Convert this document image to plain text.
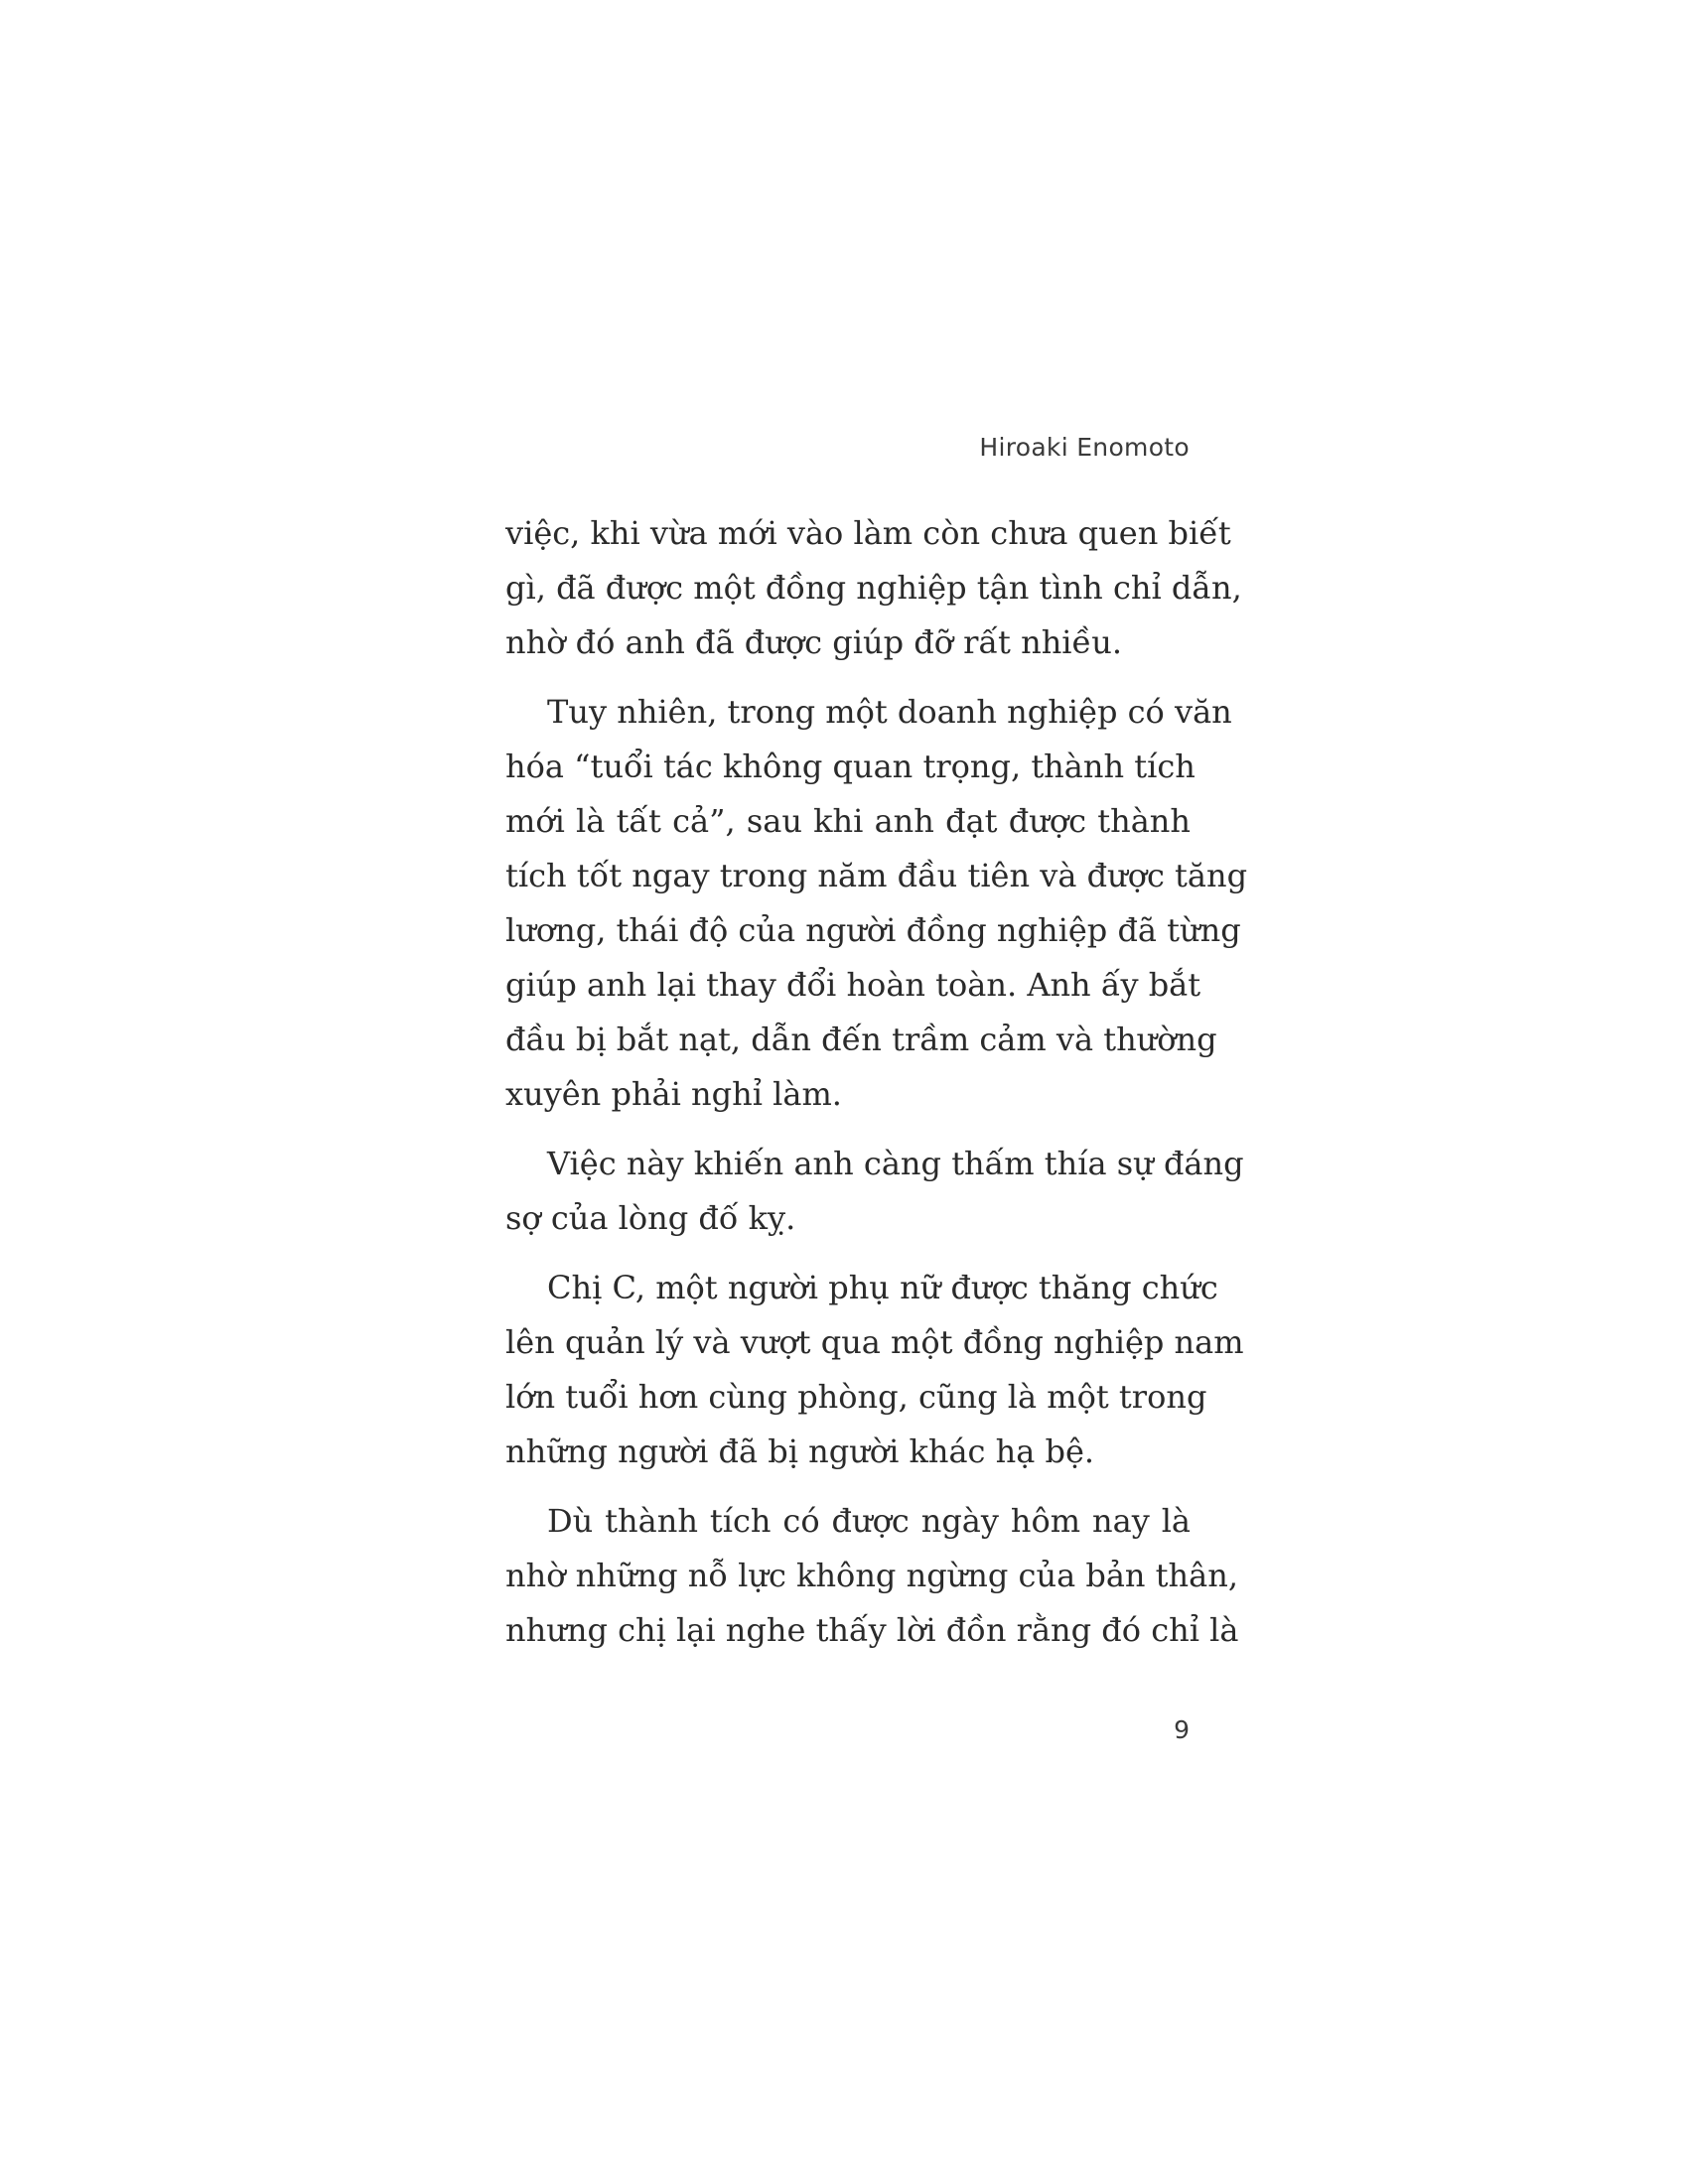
Hiroaki Enomoto
việc, khi vừa mới vào làm còn chưa quen biết
gì, đã được một đồng nghiệp tận tình chỉ dẫn,
nhờ đó anh đã được giúp đỡ rất nhiều.
Tuy nhiên, trong một doanh nghiệp có văn
hóa “tuổi tác không quan trọng, thành tích
mới là tất cả”, sau khi anh đạt được thành
tích tốt ngay trong năm đầu tiên và được tăng
lương, thái độ của người đồng nghiệp đã từng
giúp anh lại thay đổi hoàn toàn. Anh ấy bắt
đầu bị bắt nạt, dẫn đến trầm cảm và thường
xuyên phải nghỉ làm.
Việc này khiến anh càng thấm thía sự đáng
sợ của lòng đố kỵ.
Chị C, một người phụ nữ được thăng chức
lên quản lý và vượt qua một đồng nghiệp nam
lớn tuổi hơn cùng phòng, cũng là một trong
những người đã bị người khác hạ bệ.
Dù thành tích có được ngày hôm nay là
nhờ những nỗ lực không ngừng của bản thân,
nhưng chị lại nghe thấy lời đồn rằng đó chỉ là
9
